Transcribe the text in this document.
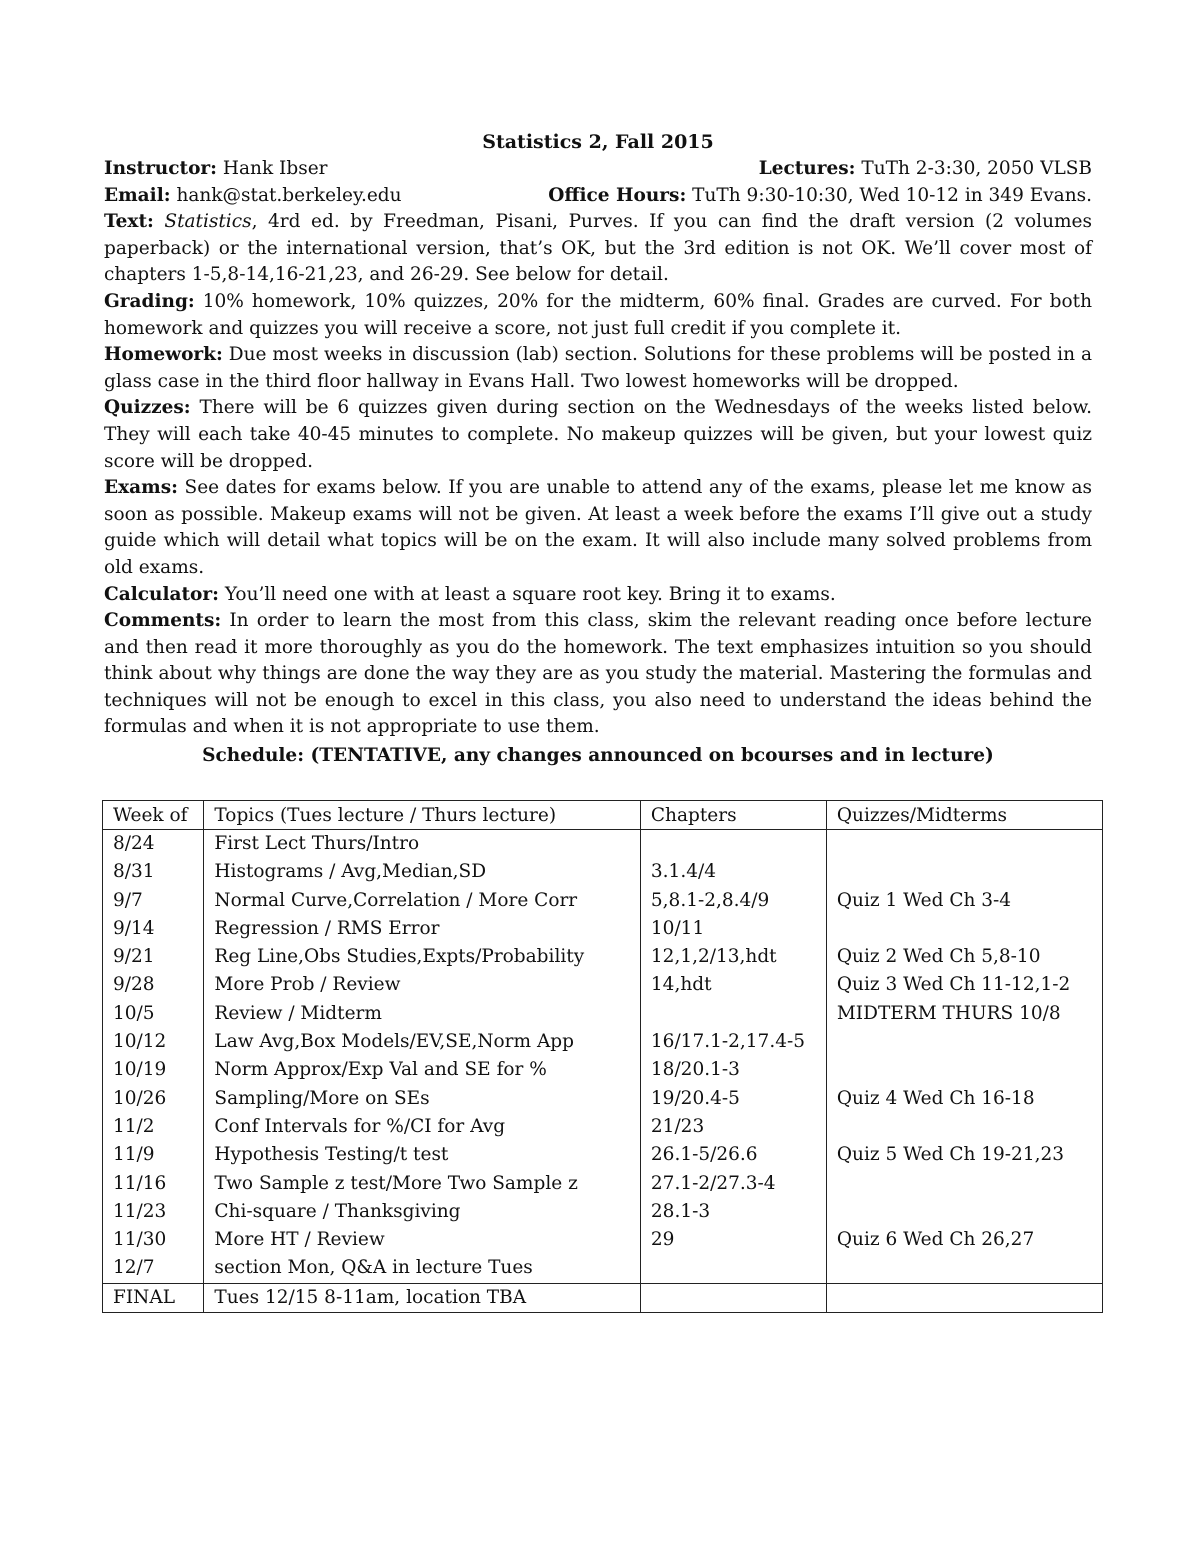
Statistics 2, Fall 2015
Instructor: Hank Ibser	Lectures: TuTh 2-3:30, 2050 VLSB
Email: hank@stat.berkeley.edu	Office Hours: TuTh 9:30-10:30, Wed 10-12 in 349 Evans.
Text: Statistics, 4rd ed. by Freedman, Pisani, Purves. If you can find the draft version (2 volumes paperback) or the international version, that’s OK, but the 3rd edition is not OK. We’ll cover most of chapters 1-5,8-14,16-21,23, and 26-29. See below for detail.
Grading: 10% homework, 10% quizzes, 20% for the midterm, 60% final. Grades are curved. For both homework and quizzes you will receive a score, not just full credit if you complete it.
Homework: Due most weeks in discussion (lab) section. Solutions for these problems will be posted in a glass case in the third floor hallway in Evans Hall. Two lowest homeworks will be dropped.
Quizzes: There will be 6 quizzes given during section on the Wednesdays of the weeks listed below. They will each take 40-45 minutes to complete. No makeup quizzes will be given, but your lowest quiz score will be dropped.
Exams: See dates for exams below. If you are unable to attend any of the exams, please let me know as soon as possible. Makeup exams will not be given. At least a week before the exams I’ll give out a study guide which will detail what topics will be on the exam. It will also include many solved problems from old exams.
Calculator: You’ll need one with at least a square root key. Bring it to exams.
Comments: In order to learn the most from this class, skim the relevant reading once before lecture and then read it more thoroughly as you do the homework. The text emphasizes intuition so you should think about why things are done the way they are as you study the material. Mastering the formulas and techniques will not be enough to excel in this class, you also need to understand the ideas behind the formulas and when it is not appropriate to use them.
Schedule: (TENTATIVE, any changes announced on bcourses and in lecture)
Week of	Topics (Tues lecture / Thurs lecture)	Chapters	Quizzes/Midterms
8/24	First Lect Thurs/Intro		
8/31	Histograms / Avg,Median,SD	3.1.4/4	
9/7	Normal Curve,Correlation / More Corr	5,8.1-2,8.4/9	Quiz 1 Wed Ch 3-4
9/14	Regression / RMS Error	10/11	
9/21	Reg Line,Obs Studies,Expts/Probability	12,1,2/13,hdt	Quiz 2 Wed Ch 5,8-10
9/28	More Prob / Review	14,hdt	Quiz 3 Wed Ch 11-12,1-2
10/5	Review / Midterm		MIDTERM THURS 10/8
10/12	Law Avg,Box Models/EV,SE,Norm App	16/17.1-2,17.4-5	
10/19	Norm Approx/Exp Val and SE for %	18/20.1-3	
10/26	Sampling/More on SEs	19/20.4-5	Quiz 4 Wed Ch 16-18
11/2	Conf Intervals for %/CI for Avg	21/23	
11/9	Hypothesis Testing/t test	26.1-5/26.6	Quiz 5 Wed Ch 19-21,23
11/16	Two Sample z test/More Two Sample z	27.1-2/27.3-4	
11/23	Chi-square / Thanksgiving	28.1-3	
11/30	More HT / Review	29	Quiz 6 Wed Ch 26,27
12/7	section Mon, Q&A in lecture Tues		
FINAL	Tues 12/15 8-11am, location TBA		
